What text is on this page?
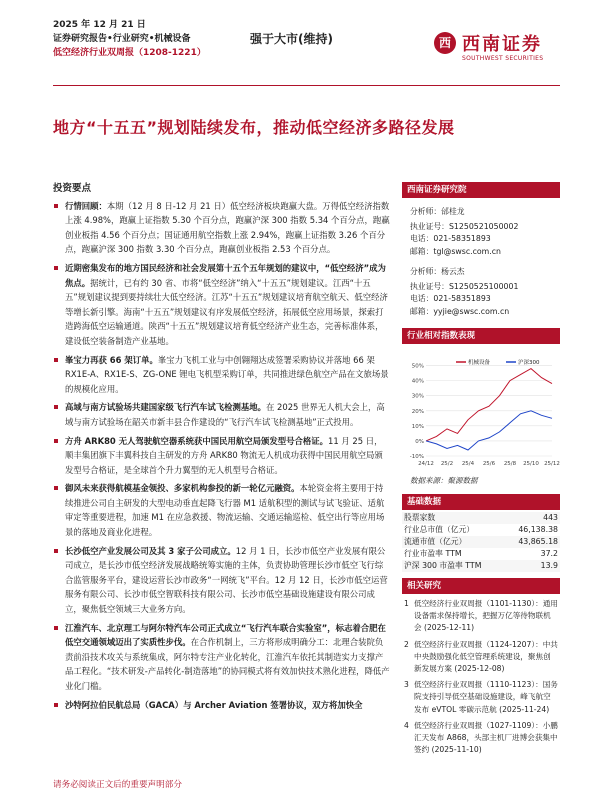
2025 年 12 月 21 日
证券研究报告•行业研究•机械设备
低空经济行业双周报（1208-1221）
强于大市(维持)	西 西南证券
SOUTHWEST SECURITIES
地方“十五五”规划陆续发布，推动低空经济多路径发展
投资要点
行情回顾：本期（12 月 8 日-12 月 21 日）低空经济板块跑赢大盘。万得低空经济指数上涨 4.98%，跑赢上证指数 5.30 个百分点，跑赢沪深 300 指数 5.34 个百分点，跑赢创业板指 4.56 个百分点；国证通用航空指数上涨 2.94%，跑赢上证指数 3.26 个百分点，跑赢沪深 300 指数 3.30 个百分点，跑赢创业板指 2.53 个百分点。
近期密集发布的地方国民经济和社会发展第十五个五年规划的建议中，“低空经济”成为焦点。据统计，已有约 30 省、市将“低空经济”纳入“十五五”规划建议。江西“十五五”规划建议提到要持续壮大低空经济。江苏“十五五”规划建议培育航空航天、低空经济等增长新引擎。海南“十五五”规划建议有序发展低空经济，拓展低空应用场景，探索打造跨海低空运输通道。陕西“十五五”规划建议培育低空经济产业生态，完善标准体系，建设低空装备制造产业基地。
峯宝力再获 66 架订单。峯宝力飞机工业与中创翱翔达成签署采购协议并落地 66 架 RX1E-A、RX1E-S、ZG-ONE 锂电飞机型采购订单，共同推进绿色航空产品在文旅场景的规模化应用。
高域与南方试验场共建国家级飞行汽车试飞检测基地。在 2025 世界无人机大会上，高域与南方试验场在韶关市新丰县合作建设的“飞行汽车试飞检测基地”正式投用。
方舟 ARK80 无人驾驶航空器系统获中国民用航空局颁发型号合格证。11 月 25 日，顺丰集团旗下丰翼科技自主研发的方舟 ARK80 物流无人机成功获得中国民用航空局颁发型号合格证，是全球首个升力翼型的无人机型号合格证。
御风未来获得航模基金领投、多家机构参投的新一轮亿元融资。本轮资金将主要用于持续推进公司自主研发的大型电动垂直起降飞行器 M1 适航积型的测试与试飞验证、适航审定等重要进程，加速 M1 在应急救援、物流运输、交通运输巡检、低空出行等应用场景的落地及商业化进程。
长沙低空产业发展公司及其 3 家子公司成立。12 月 1 日，长沙市低空产业发展有限公司成立，是长沙市低空经济发展战略统筹实施的主体，负责协助管理长沙市低空飞行综合监管服务平台，建设运营长沙市政务“一网统飞”平台。12 月 12 日，长沙市低空运营服务有限公司、长沙市低空智联科技有限公司、长沙市低空基础设施建设有限公司成立，聚焦低空领域三大业务方向。
江淮汽车、北京理工与阿尔特汽车公司正式成立“飞行汽车联合实验室”，标志着合肥在低空交通领域迈出了实质性步伐。在合作机制上，三方将形成明确分工：北理合装院负责前沿技术攻关与系统集成，阿尔特专注产业化转化，江淮汽车依托其制造实力支撑产品工程化。“技术研发-产品转化-制造落地”的协同模式将有效加快技术熟化进程，降低产业化门槛。
沙特阿拉伯民航总局（GACA）与 Archer Aviation 签署协议，双方将加快全
西南证券研究院
分析师：邰桂龙
执业证号：S1250521050002
电话：021-58351893
邮箱：tgl@swsc.com.cn
分析师：杨云杰
执业证号：S1250525100001
电话：021-58351893
邮箱：yyjie@swsc.com.cn
行业相对指数表现
-10%
0%
10%
20%
30%
40%
50%
24/12 25/2 25/4 25/6 25/8 25/10 25/12
机械设备	沪深300
数据来源：聚源数据
基础数据
股票家数	443
行业总市值（亿元）	46,138.38
流通市值（亿元）	43,865.18
行业市盈率 TTM	37.2
沪深 300 市盈率 TTM	13.9
相关研究
1 低空经济行业双周报（1101-1130）：通用设备需求保持增长，把握万亿等待物联机会 (2025-12-11)
2 低空经济行业双周报（1124-1207）：中共中央鼓励强化低空管理系统建设，聚焦创新发展方案 (2025-12-08)
3 低空经济行业双周报（1110-1123）：国务院支持引导低空基础设施建设，峰飞航空发布 eVTOL 零碳示范航 (2025-11-24)
4 低空经济行业双周报（1027-1109）：小鹏汇天发布 A868，头部主机厂进博会获集中签约 (2025-11-10)
请务必阅读正文后的重要声明部分
